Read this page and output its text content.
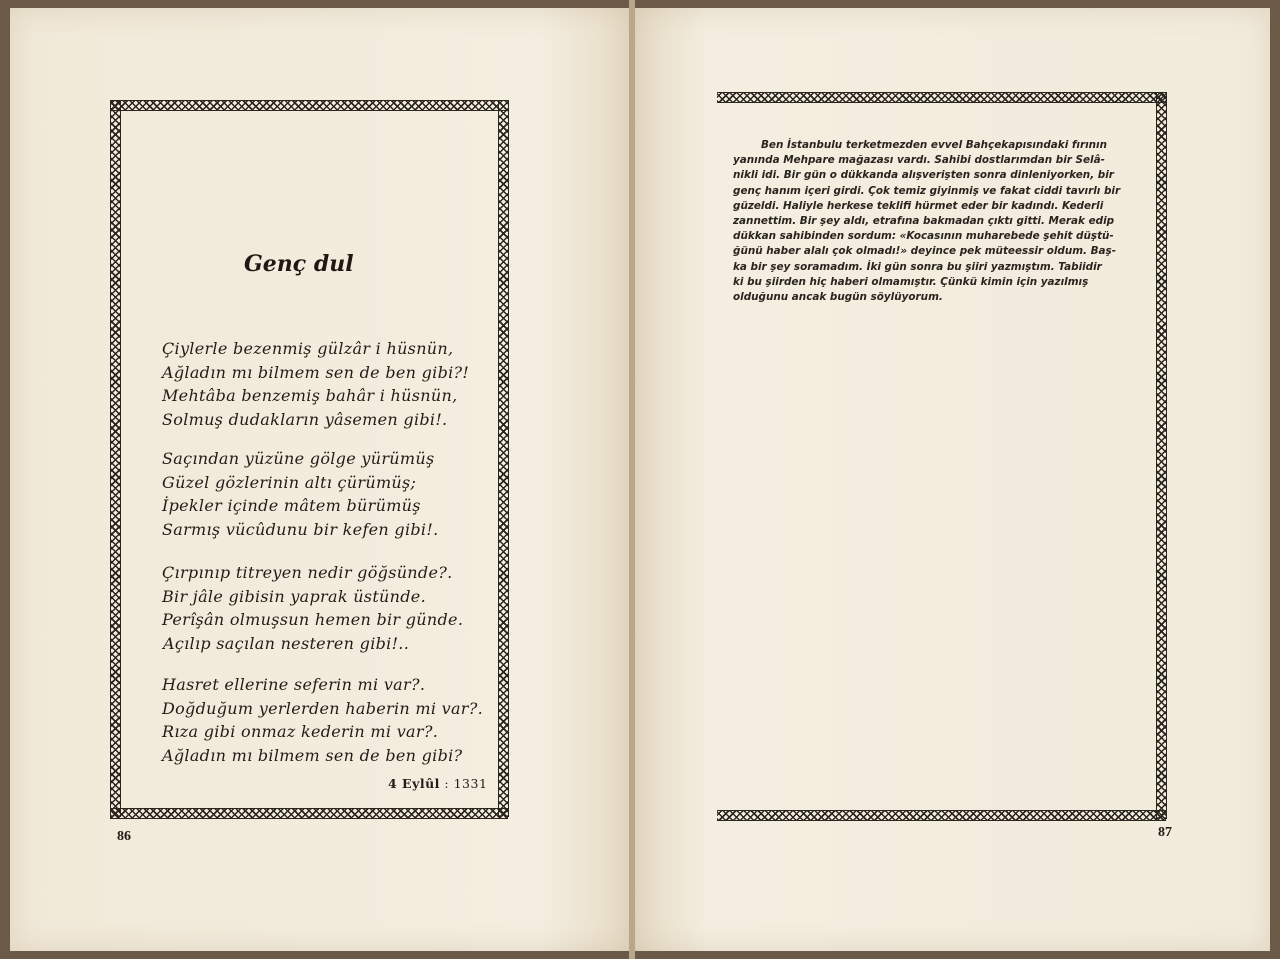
Genç dul
Çiylerle bezenmiş gülzâr i hüsnün,
Ağladın mı bilmem sen de ben gibi?!
Mehtâba benzemiş bahâr i hüsnün,
Solmuş dudakların yâsemen gibi!.
Saçından yüzüne gölge yürümüş
Güzel gözlerinin altı çürümüş;
İpekler içinde mâtem bürümüş
Sarmış vücûdunu bir kefen gibi!.
Çırpınıp titreyen nedir göğsünde?.
Bir jâle gibisin yaprak üstünde.
Perîşân olmuşsun hemen bir günde.
Açılıp saçılan nesteren gibi!..
Hasret ellerine seferin mi var?.
Doğduğum yerlerden haberin mi var?.
Rıza gibi onmaz kederin mi var?.
Ağladın mı bilmem sen de ben gibi?
4 Eylûl : 1331
86	87
Ben İstanbulu terketmezden evvel Bahçekapısındaki fırının
yanında Mehpare mağazası vardı. Sahibi dostlarımdan bir Selâ-
nikli idi. Bir gün o dükkanda alışverişten sonra dinleniyorken, bir
genç hanım içeri girdi. Çok temiz giyinmiş ve fakat ciddi tavırlı bir
güzeldi. Haliyle herkese teklifi hürmet eder bir kadındı. Kederli
zannettim. Bir şey aldı, etrafına bakmadan çıktı gitti. Merak edip
dükkan sahibinden sordum: «Kocasının muharebede şehit düştü-
ğünü haber alalı çok olmadı!» deyince pek müteessir oldum. Baş-
ka bir şey soramadım. İki gün sonra bu şiiri yazmıştım. Tabiidir
ki bu şiirden hiç haberi olmamıştır. Çünkü kimin için yazılmış
olduğunu ancak bugün söylüyorum.
